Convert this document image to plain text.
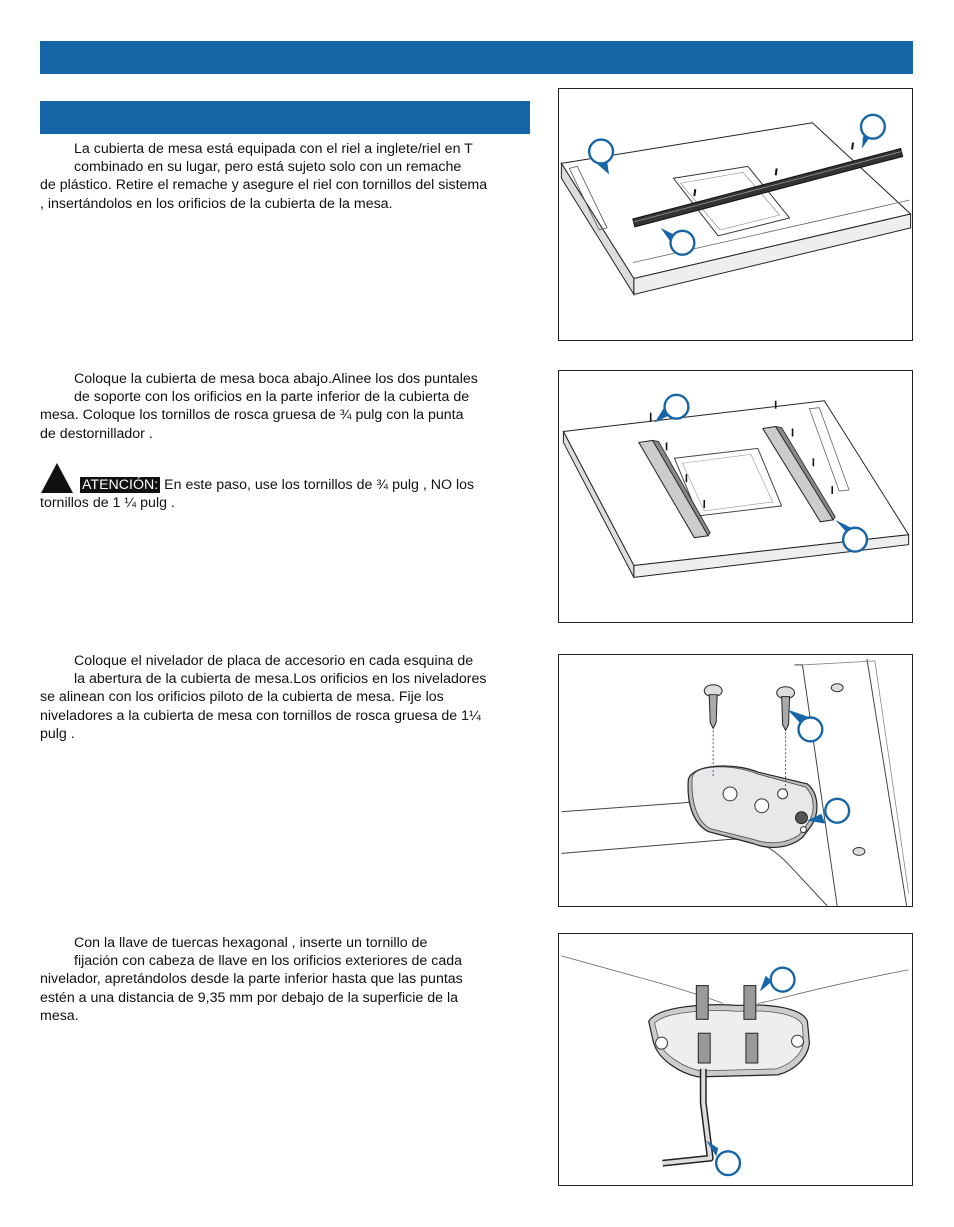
La cubierta de mesa está equipada con el riel a inglete/riel en T
combinado en su lugar, pero está sujeto solo con un remache
de plástico. Retire el remache y asegure el riel con tornillos del sistema
, insertándolos en los orificios de la cubierta de la mesa.
Coloque la cubierta de mesa boca abajo.Alinee los dos puntales
de soporte con los orificios en la parte inferior de la cubierta de
mesa. Coloque los tornillos de rosca gruesa de ¾ pulg con la punta
de destornillador .
ATENCIÓN: En este paso, use los tornillos de ¾ pulg , NO los
tornillos de 1 ¼ pulg .
Coloque el nivelador de placa de accesorio en cada esquina de
la abertura de la cubierta de mesa.Los orificios en los niveladores
se alinean con los orificios piloto de la cubierta de mesa. Fije los
niveladores a la cubierta de mesa con tornillos de rosca gruesa de 1¼
pulg .
Con la llave de tuercas hexagonal , inserte un tornillo de
fijación con cabeza de llave en los orificios exteriores de cada
nivelador, apretándolos desde la parte inferior hasta que las puntas
estén a una distancia de 9,35 mm por debajo de la superficie de la
mesa.
